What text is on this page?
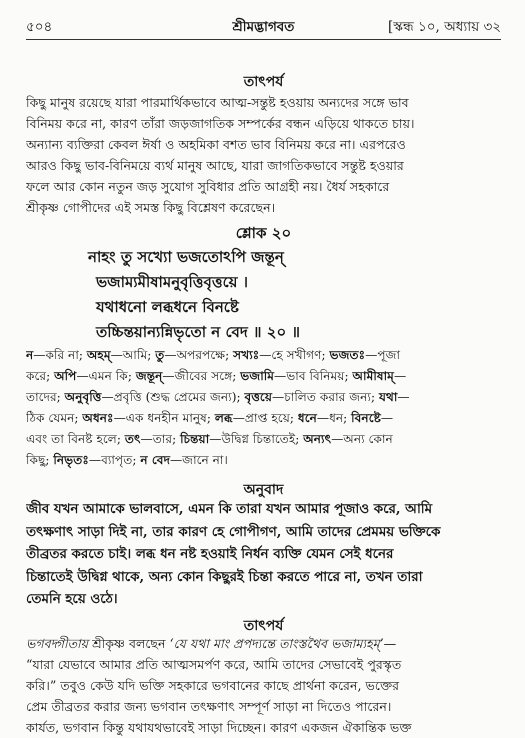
৫০৪	শ্রীমদ্ভাগবত	[স্কন্ধ ১০, অধ্যায় ৩২
তাৎপর্য
কিছু মানুষ রয়েছে যারা পারমার্থিকভাবে আত্ম-সন্তুষ্ট হওয়ায় অন্যদের সঙ্গে ভাব
বিনিময় করে না, কারণ তাঁরা জড়জাগতিক সম্পর্কের বন্ধন এড়িয়ে থাকতে চায়।
অন্যান্য ব্যক্তিরা কেবল ঈর্ষা ও অহমিকা বশত ভাব বিনিময় করে না। এরপরেও
আরও কিছু ভাব-বিনিময়ে ব্যর্থ মানুষ আছে, যারা জাগতিকভাবে সন্তুষ্ট হওয়ার
ফলে আর কোন নতুন জড় সুযোগ সুবিধার প্রতি আগ্রহী নয়। ধৈর্য সহকারে
শ্রীকৃষ্ণ গোপীদের এই সমস্ত কিছু বিশ্লেষণ করেছেন।
শ্লোক ২০
নাহং তু সখ্যো ভজতোঽপি জন্তূন্
ভজাম্যমীষামনুবৃত্তিবৃত্তয়ে ।
যথাধনো লব্ধধনে বিনষ্টে
তচ্চিন্তয়ান্যন্নিভৃতো ন বেদ ॥ ২০ ॥
ন—করি না; অহম্—আমি; তু—অপরপক্ষে; সখ্যঃ—হে সখীগণ; ভজতঃ—পূজা
করে; অপি—এমন কি; জন্তূন্—জীবের সঙ্গে; ভজামি—ভাব বিনিময়; আমীষাম্—
তাদের; অনুবৃত্তি—প্রবৃত্তি (শুদ্ধ প্রেমের জন্য); বৃত্তয়ে—চালিত করার জন্য; যথা—
ঠিক যেমন; অধনঃ—এক ধনহীন মানুষ; লব্ধ—প্রাপ্ত হয়ে; ধনে—ধন; বিনষ্টে—
এবং তা বিনষ্ট হলে; তৎ—তার; চিন্তয়া—উদ্বিগ্ন চিন্তাতেই; অন্যৎ—অন্য কোন
কিছু; নিভৃতঃ—ব্যাপৃত; ন বেদ—জানে না।
অনুবাদ
জীব যখন আমাকে ভালবাসে, এমন কি তারা যখন আমার পূজাও করে, আমি
তৎক্ষণাৎ সাড়া দিই না, তার কারণ হে গোপীগণ, আমি তাদের প্রেমময় ভক্তিকে
তীব্রতর করতে চাই। লব্ধ ধন নষ্ট হওয়াই নির্ধন ব্যক্তি যেমন সেই ধনের
চিন্তাতেই উদ্বিগ্ন থাকে, অন্য কোন কিছুরই চিন্তা করতে পারে না, তখন তারা
তেমনি হয়ে ওঠে।
তাৎপর্য
ভগবদ্গীতায় শ্রীকৃষ্ণ বলছেন ‘যে যথা মাং প্রপদ্যন্তে তাংস্তথৈব ভজাম্যহম্’—
“যারা যেভাবে আমার প্রতি আত্মসমর্পণ করে, আমি তাদের সেভাবেই পুরস্কৃত
করি।” তবুও কেউ যদি ভক্তি সহকারে ভগবানের কাছে প্রার্থনা করেন, ভক্তের
প্রেম তীব্রতর করার জন্য ভগবান তৎক্ষণাৎ সম্পূর্ণ সাড়া না দিতেও পারেন।
কার্যত, ভগবান কিন্তু যথাযথভাবেই সাড়া দিচ্ছেন। কারণ একজন ঐকান্তিক ভক্ত
